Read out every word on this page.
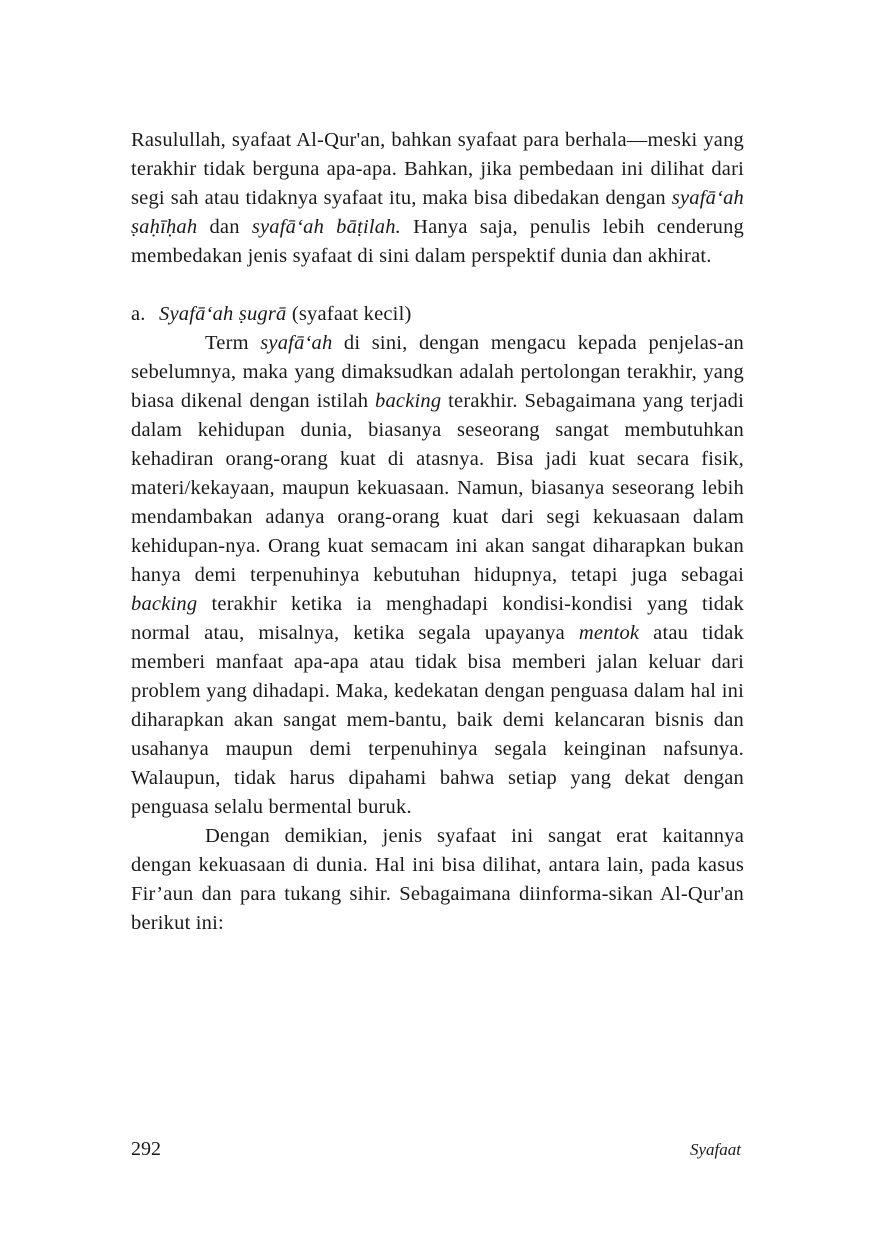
Rasulullah, syafaat Al-Qur'an, bahkan syafaat para berhala—meski yang terakhir tidak berguna apa-apa. Bahkan, jika pembedaan ini dilihat dari segi sah atau tidaknya syafaat itu, maka bisa dibedakan dengan syafā‘ah ṣaḥīḥah dan syafā‘ah bāṭilah. Hanya saja, penulis lebih cenderung membedakan jenis syafaat di sini dalam perspektif dunia dan akhirat.

a. Syafā‘ah ṣugrā (syafaat kecil)

Term syafā‘ah di sini, dengan mengacu kepada penjelas-an sebelumnya, maka yang dimaksudkan adalah pertolongan terakhir, yang biasa dikenal dengan istilah backing terakhir. Sebagaimana yang terjadi dalam kehidupan dunia, biasanya seseorang sangat membutuhkan kehadiran orang-orang kuat di atasnya. Bisa jadi kuat secara fisik, materi/kekayaan, maupun kekuasaan. Namun, biasanya seseorang lebih mendambakan adanya orang-orang kuat dari segi kekuasaan dalam kehidupan-nya. Orang kuat semacam ini akan sangat diharapkan bukan hanya demi terpenuhinya kebutuhan hidupnya, tetapi juga sebagai backing terakhir ketika ia menghadapi kondisi-kondisi yang tidak normal atau, misalnya, ketika segala upayanya mentok atau tidak memberi manfaat apa-apa atau tidak bisa memberi jalan keluar dari problem yang dihadapi. Maka, kedekatan dengan penguasa dalam hal ini diharapkan akan sangat mem-bantu, baik demi kelancaran bisnis dan usahanya maupun demi terpenuhinya segala keinginan nafsunya. Walaupun, tidak harus dipahami bahwa setiap yang dekat dengan penguasa selalu bermental buruk.

Dengan demikian, jenis syafaat ini sangat erat kaitannya dengan kekuasaan di dunia. Hal ini bisa dilihat, antara lain, pada kasus Fir’aun dan para tukang sihir. Sebagaimana diinforma-sikan Al-Qur'an berikut ini:

292	Syafaat
